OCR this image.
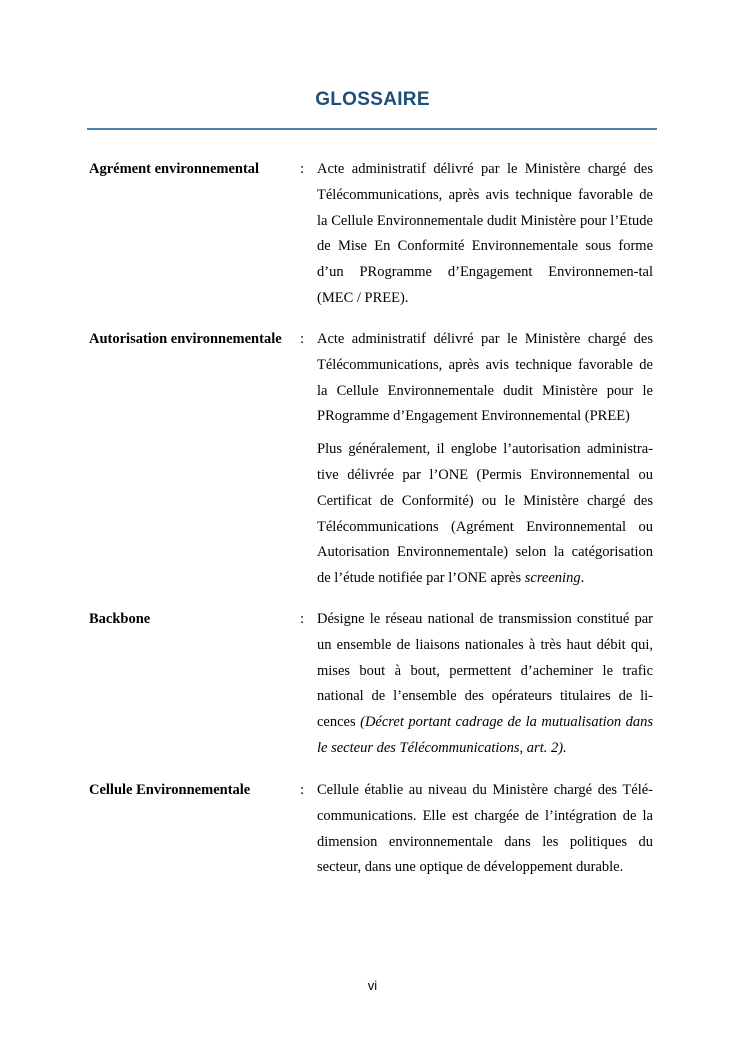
GLOSSAIRE
Agrément environnemental	: Acte administratif délivré par le Ministère chargé des Télécommunications, après avis technique favorable de la Cellule Environnementale dudit Ministère pour l’Etude de Mise En Conformité Environnementale sous forme d’un PRogramme d’Engagement Environnemen-tal (MEC / PREE).

Autorisation environnementale	: Acte administratif délivré par le Ministère chargé des Télécommunications, après avis technique favorable de la Cellule Environnementale dudit Ministère pour le PRogramme d’Engagement Environnemental (PREE)

Plus généralement, il englobe l’autorisation administra-tive délivrée par l’ONE (Permis Environnemental ou Certificat de Conformité) ou le Ministère chargé des Télécommunications (Agrément Environnemental ou Autorisation Environnementale) selon la catégorisation de l’étude notifiée par l’ONE après screening.

Backbone	: Désigne le réseau national de transmission constitué par un ensemble de liaisons nationales à très haut débit qui, mises bout à bout, permettent d’acheminer le trafic national de l’ensemble des opérateurs titulaires de li-cences (Décret portant cadrage de la mutualisation dans le secteur des Télécommunications, art. 2).

Cellule Environnementale	: Cellule établie au niveau du Ministère chargé des Télé-communications. Elle est chargée de l’intégration de la dimension environnementale dans les politiques du secteur, dans une optique de développement durable.

vi
